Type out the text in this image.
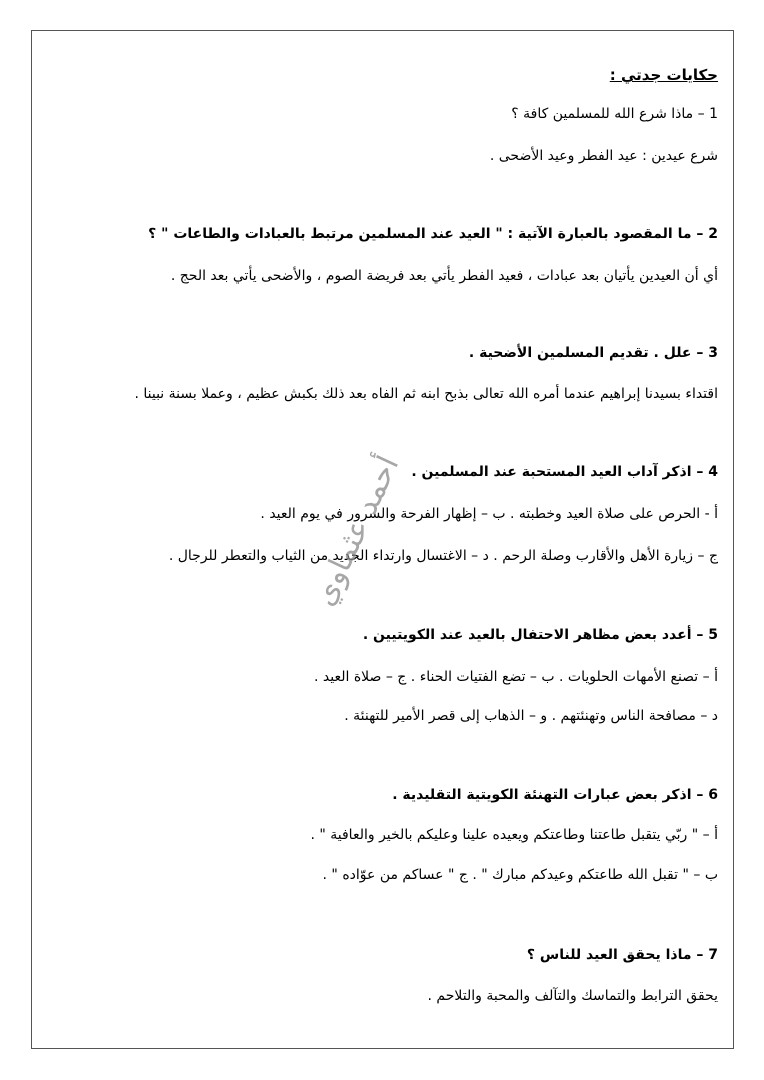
حكايات جدتي :
1 – ماذا شرع الله للمسلمين كافة ؟
شرع عيدين : عيد الفطر وعيد الأضحى .
2 – ما المقصود بالعبارة الآتية : " العيد عند المسلمين مرتبط بالعبادات والطاعات " ؟
أي أن العيدين يأتيان بعد عبادات ، فعيد الفطر يأتي بعد فريضة الصوم ، والأضحى يأتي بعد الحج .
3 – علل . تقديم المسلمين الأضحية .
اقتداء بسيدنا إبراهيم عندما أمره الله تعالى بذبح ابنه ثم الفاه بعد ذلك بكبش عظيم ، وعملا بسنة نبينا .
4 – اذكر آداب العيد المستحبة عند المسلمين .
أ - الحرص على صلاة العيد وخطبته . ب – إظهار الفرحة والسرور في يوم العيد .
ج – زيارة الأهل والأقارب وصلة الرحم . د – الاغتسال وارتداء الجديد من الثياب والتعطر للرجال .
5 – أعدد بعض مظاهر الاحتفال بالعيد عند الكويتيين .
أ – تصنع الأمهات الحلويات . ب – تضع الفتيات الحناء . ج – صلاة العيد .
د – مصافحة الناس وتهنئتهم . و – الذهاب إلى قصر الأمير للتهنئة .
6 – اذكر بعض عبارات التهنئة الكويتية التقليدية .
أ – " ربّي يتقبل طاعتنا وطاعتكم ويعيده علينا وعليكم بالخير والعافية " .
ب – " تقبل الله طاعتكم وعيدكم مبارك " . ج " عساكم من عوّاده " .
7 – ماذا يحقق العيد للناس ؟
يحقق الترابط والتماسك والتآلف والمحبة والتلاحم .
أحمد عثماوي
